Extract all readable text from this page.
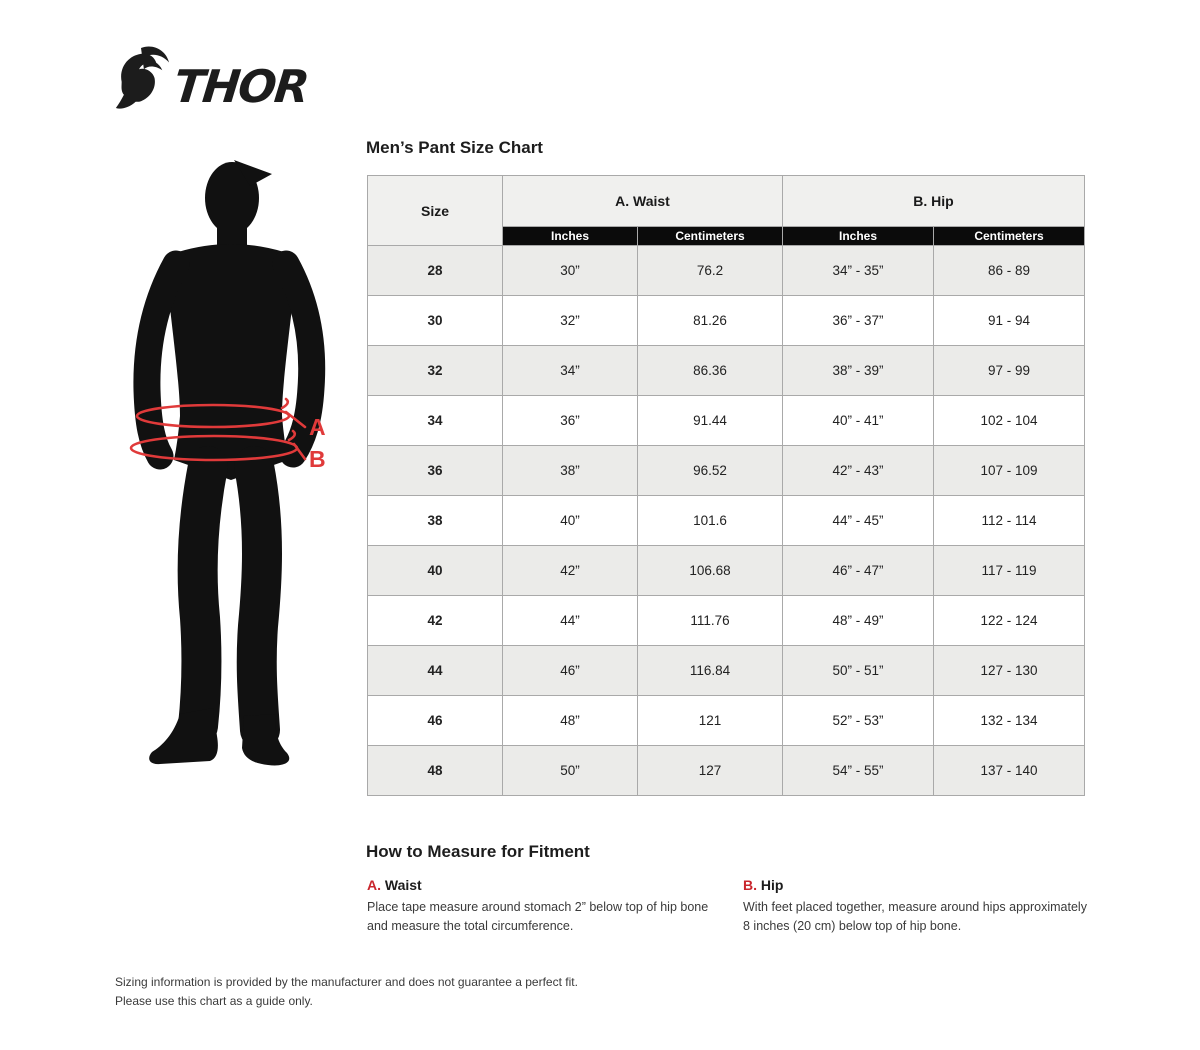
THOR
A
B
Men’s Pant Size Chart
Size	A. Waist		B. Hip	
	Inches	Centimeters	Inches	Centimeters
28	30”	76.2	34” - 35”	86 - 89
30	32”	81.26	36” - 37”	91 - 94
32	34”	86.36	38” - 39”	97 - 99
34	36”	91.44	40” - 41”	102 - 104
36	38”	96.52	42” - 43”	107 - 109
38	40”	101.6	44” - 45”	112 - 114
40	42”	106.68	46” - 47”	117 - 119
42	44”	111.76	48” - 49”	122 - 124
44	46”	116.84	50” - 51”	127 - 130
46	48”	121	52” - 53”	132 - 134
48	50”	127	54” - 55”	137 - 140
How to Measure for Fitment
A. Waist
Place tape measure around stomach 2” below top of hip bone and measure the total circumference.
B. Hip
With feet placed together, measure around hips approximately 8 inches (20 cm) below top of hip bone.
Sizing information is provided by the manufacturer and does not guarantee a perfect fit.
Please use this chart as a guide only.
